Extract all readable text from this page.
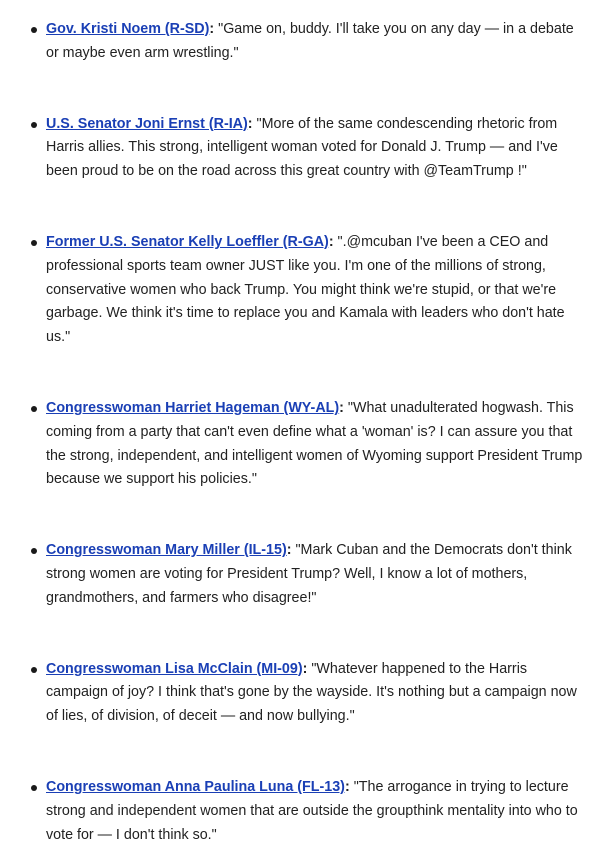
Gov. Kristi Noem (R-SD): "Game on, buddy. I'll take you on any day — in a debate or maybe even arm wrestling."
U.S. Senator Joni Ernst (R-IA): "More of the same condescending rhetoric from Harris allies. This strong, intelligent woman voted for Donald J. Trump — and I've been proud to be on the road across this great country with @TeamTrump !"
Former U.S. Senator Kelly Loeffler (R-GA): ".@mcuban I've been a CEO and professional sports team owner JUST like you. I'm one of the millions of strong, conservative women who back Trump. You might think we're stupid, or that we're garbage. We think it's time to replace you and Kamala with leaders who don't hate us."
Congresswoman Harriet Hageman (WY-AL): "What unadulterated hogwash. This coming from a party that can't even define what a 'woman' is? I can assure you that the strong, independent, and intelligent women of Wyoming support President Trump because we support his policies."
Congresswoman Mary Miller (IL-15): "Mark Cuban and the Democrats don't think strong women are voting for President Trump? Well, I know a lot of mothers, grandmothers, and farmers who disagree!"
Congresswoman Lisa McClain (MI-09): "Whatever happened to the Harris campaign of joy? I think that's gone by the wayside. It's nothing but a campaign now of lies, of division, of deceit — and now bullying."
Congresswoman Anna Paulina Luna (FL-13): "The arrogance in trying to lecture strong and independent women that are outside the groupthink mentality into who to vote for — I don't think so."
